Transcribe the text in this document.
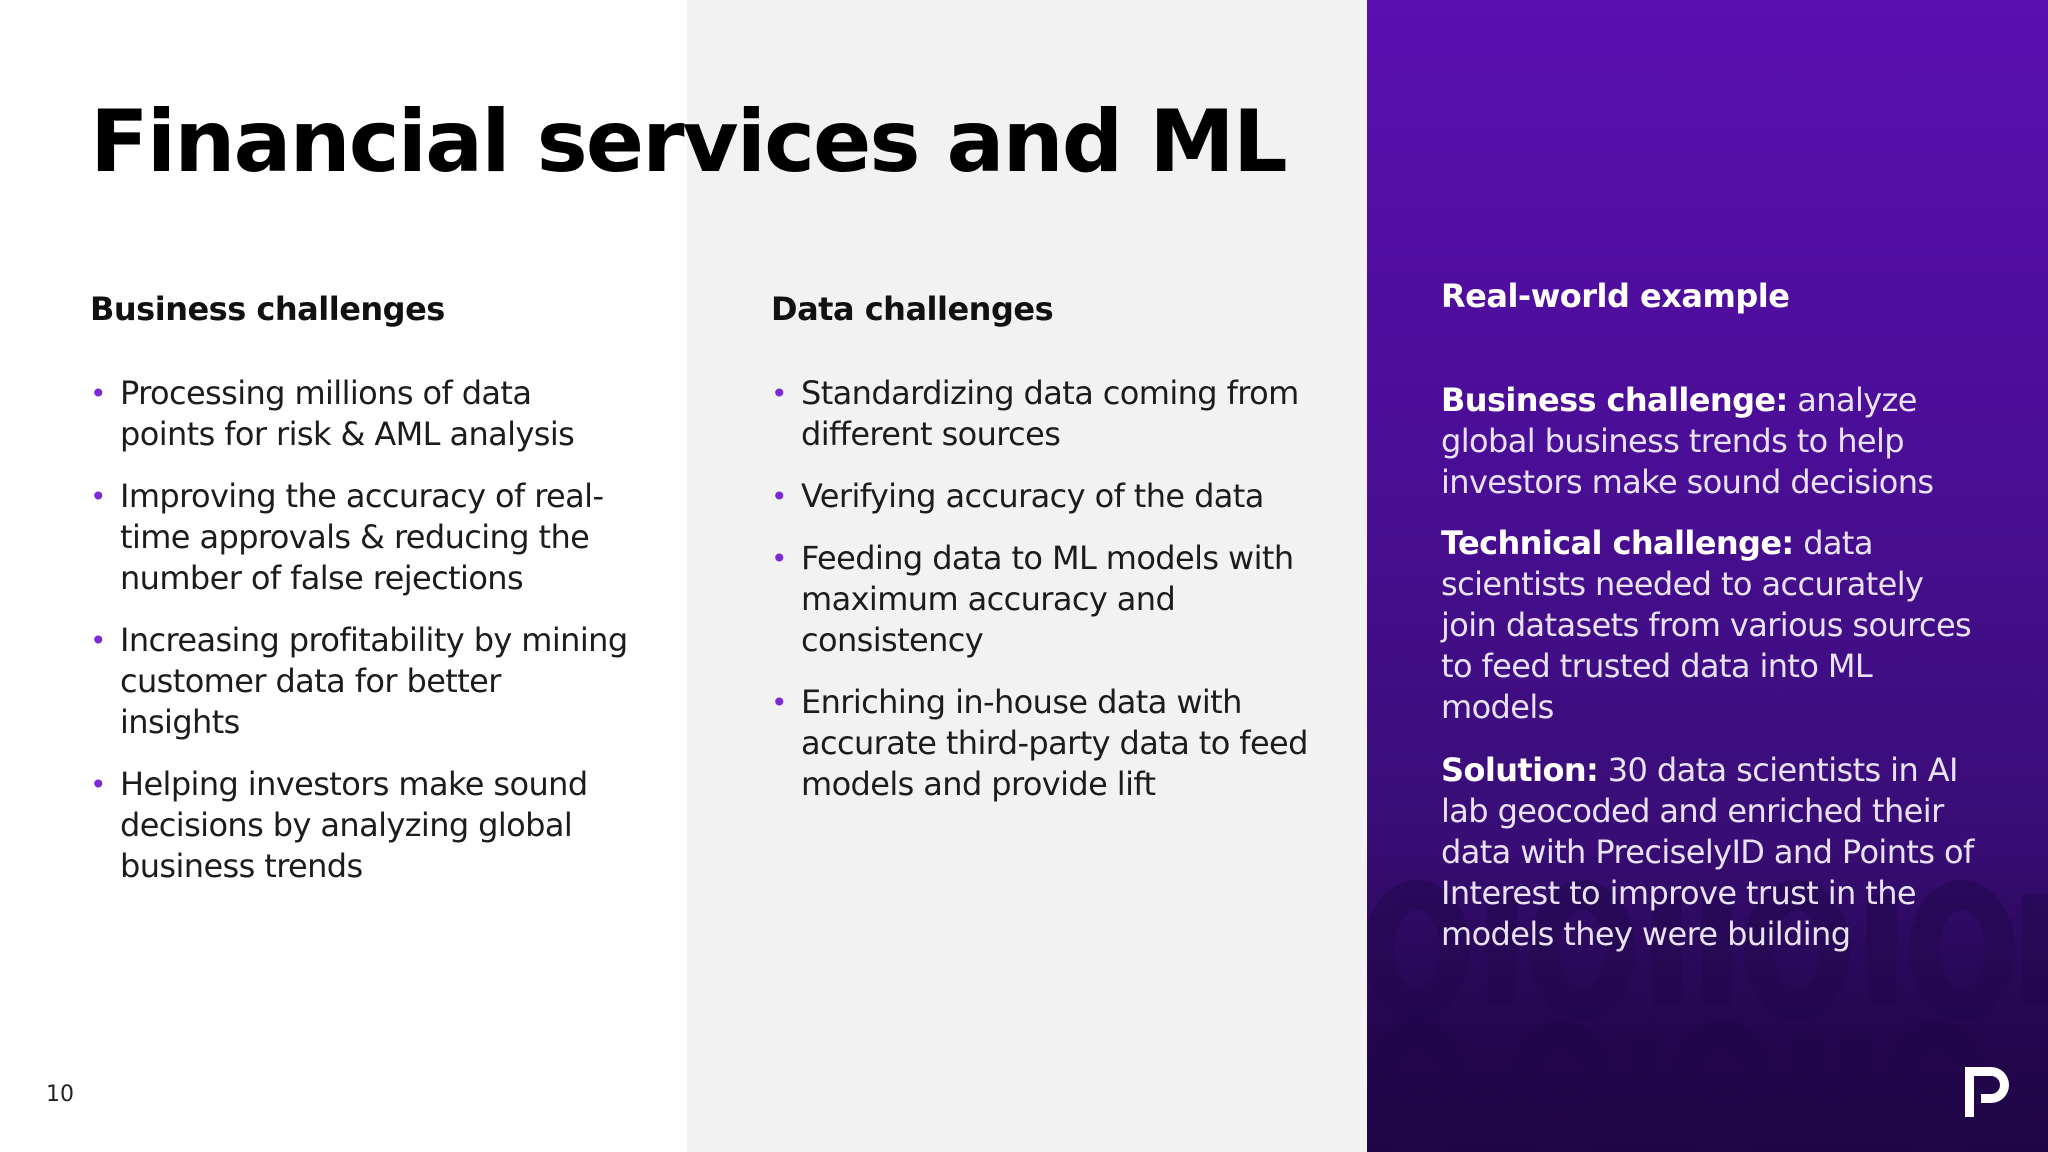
Financial services and ML
Business challenges
• Processing millions of data points for risk & AML analysis
• Improving the accuracy of real-time approvals & reducing the number of false rejections
• Increasing profitability by mining customer data for better insights
• Helping investors make sound decisions by analyzing global business trends
Data challenges
• Standardizing data coming from different sources
• Verifying accuracy of the data
• Feeding data to ML models with maximum accuracy and consistency
• Enriching in-house data with accurate third-party data to feed models and provide lift
Real-world example

Business challenge: analyze global business trends to help investors make sound decisions

Technical challenge: data scientists needed to accurately join datasets from various sources to feed trusted data into ML models

Solution: 30 data scientists in AI lab geocoded and enriched their data with PreciselyID and Points of Interest to improve trust in the models they were building

10
